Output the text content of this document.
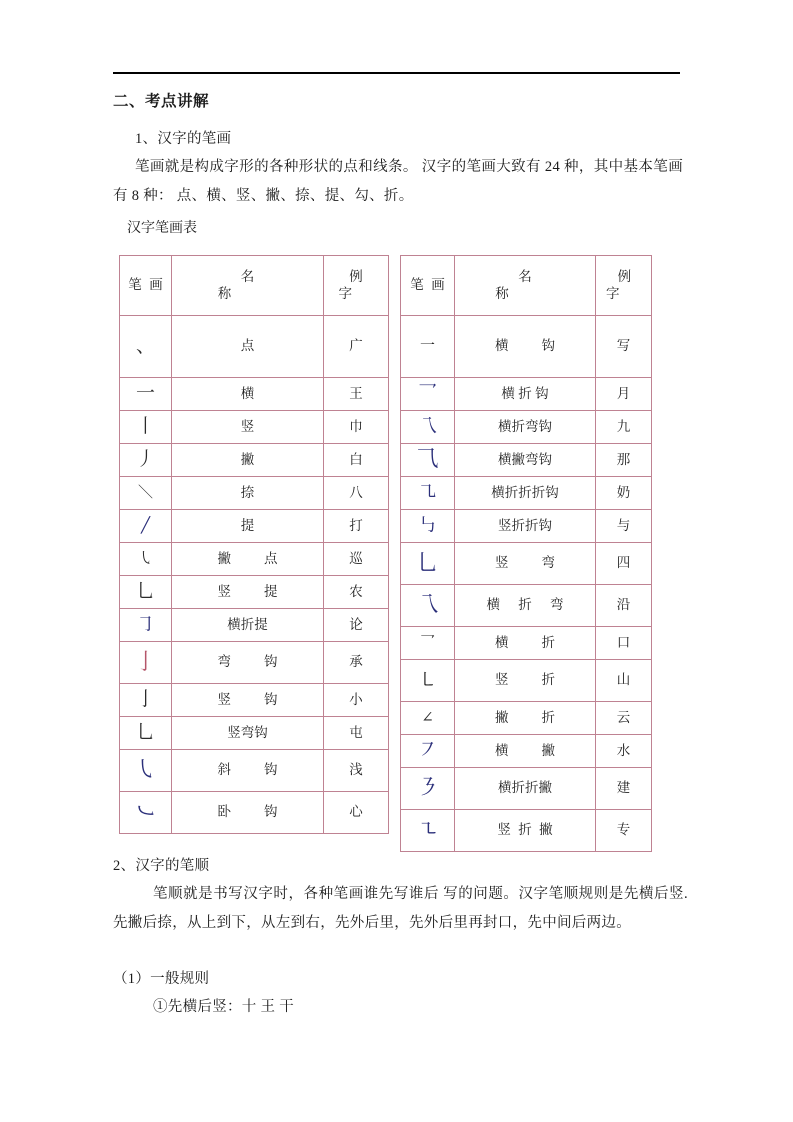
二、考点讲解

1、汉字的笔画

笔画就是构成字形的各种形状的点和线条。 汉字的笔画大致有 24 种，其中基本笔画有 8 种： 点、横、竖、撇、捺、提、勾、折。

汉字笔画表

笔画	名称	例字
、	点	广
一	横	王
丨	竖	巾
丿	撇	白
＼	捺	八
╱	提	打
㇂	撇 点	巡
乚	竖 提	农
㇆	横折提	论
亅	弯 钩	承
亅	竖 钩	小
乚	竖弯钩	屯
㇂	斜 钩	浅
㇃	卧 钩	心
笔画	名称	例字
一	横 钩	写
乛	横 折 钩	月
乁	横折弯钩	九
⺄	横撇弯钩	那
㇈	横折折折钩	奶
㇉	竖折折钩	与
乚	竖 弯	四
乁	横 折 弯	沿
乛	横 折	口
㇄	竖 折	山
∠	撇 折	云
㇇	横 撇	水
㇋	横折折撇	建
㇍	竖折撇	专

2、汉字的笔顺

笔顺就是书写汉字时，各种笔画谁先写谁后 写的问题。汉字笔顺规则是先横后竖.先撇后捺，从上到下，从左到右，先外后里，先外后里再封口，先中间后两边。

（1）一般规则

①先横后竖：十 王 干
